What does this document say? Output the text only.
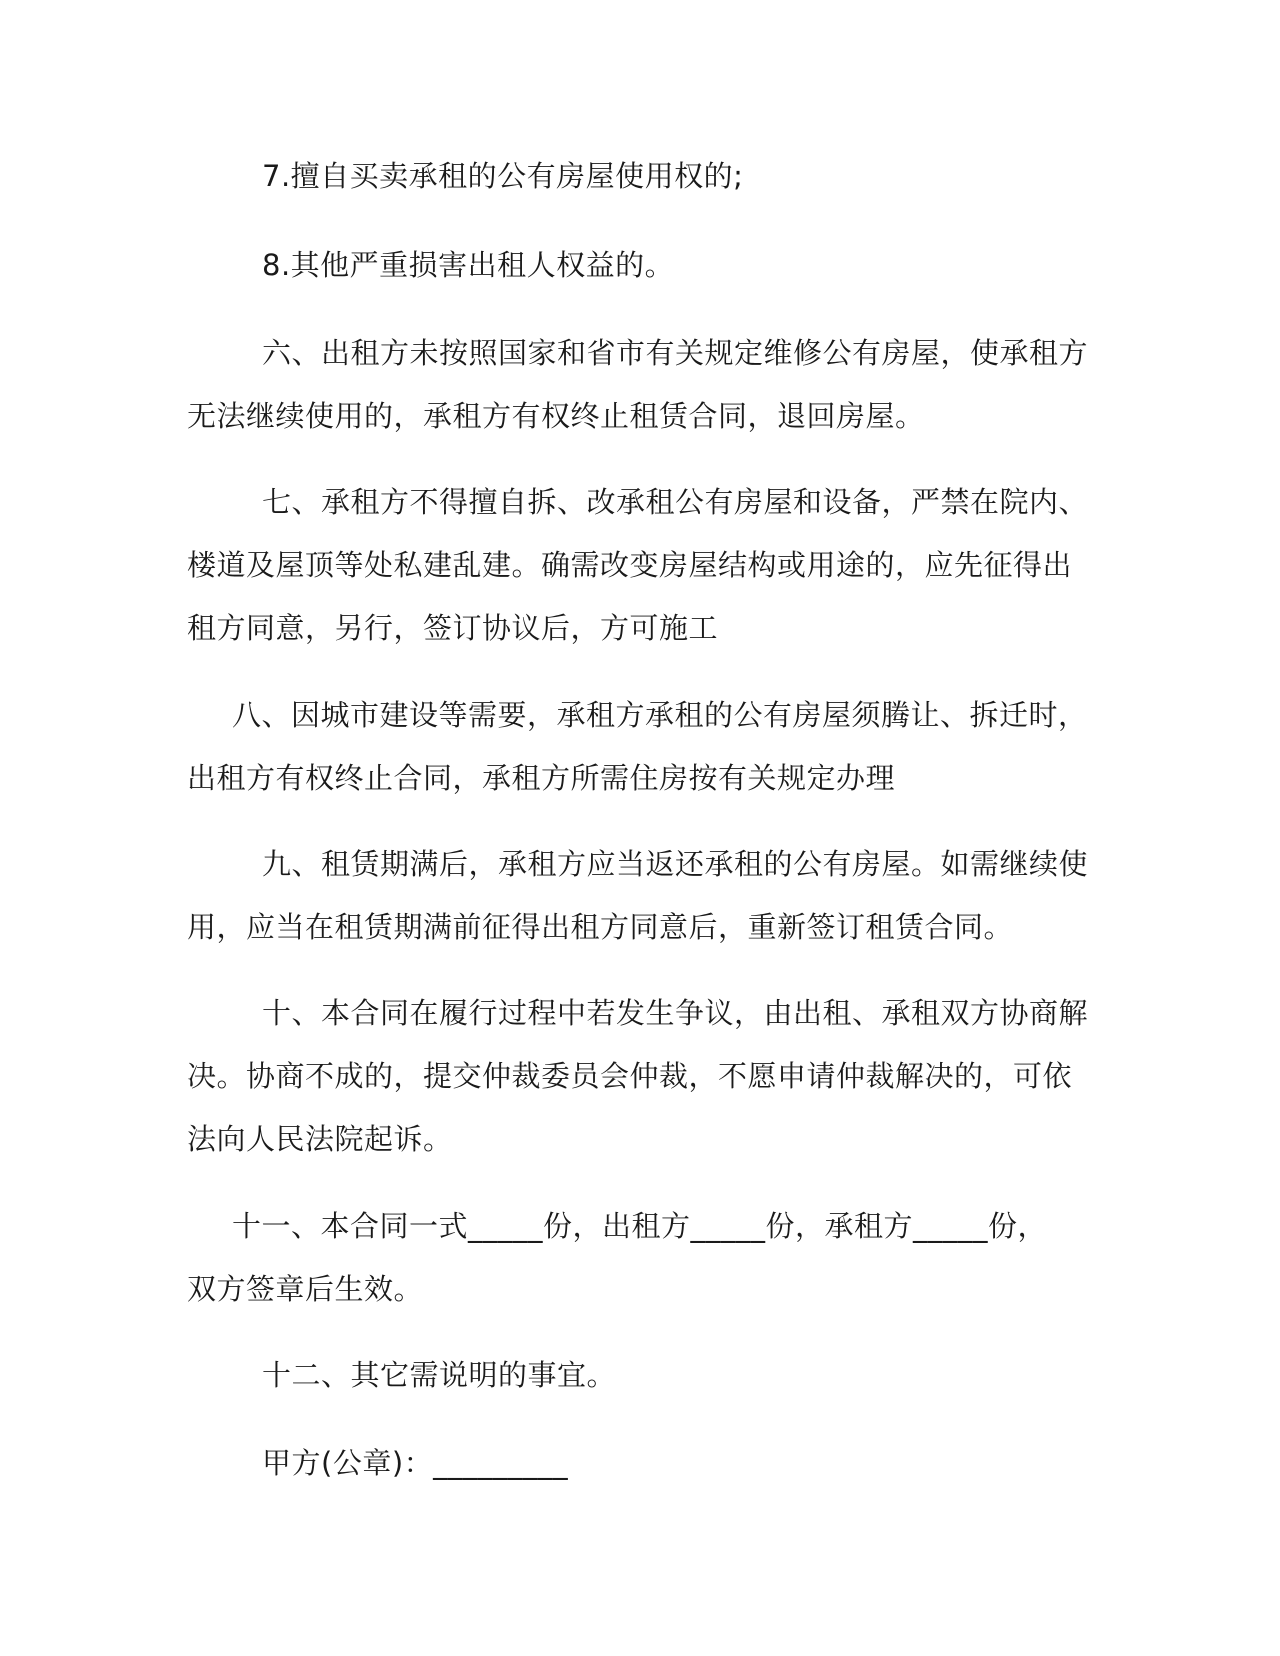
7.擅自买卖承租的公有房屋使用权的;
8.其他严重损害出租人权益的。
六、出租方未按照国家和省市有关规定维修公有房屋，使承租方
无法继续使用的，承租方有权终止租赁合同，退回房屋。
七、承租方不得擅自拆、改承租公有房屋和设备，严禁在院内、
楼道及屋顶等处私建乱建。确需改变房屋结构或用途的，应先征得出
租方同意，另行，签订协议后，方可施工
八、因城市建设等需要，承租方承租的公有房屋须腾让、拆迁时，
出租方有权终止合同，承租方所需住房按有关规定办理
九、租赁期满后，承租方应当返还承租的公有房屋。如需继续使
用，应当在租赁期满前征得出租方同意后，重新签订租赁合同。
十、本合同在履行过程中若发生争议，由出租、承租双方协商解
决。协商不成的，提交仲裁委员会仲裁，不愿申请仲裁解决的，可依
法向人民法院起诉。
十一、本合同一式_____份，出租方_____份，承租方_____份，
双方签章后生效。
十二、其它需说明的事宜。
甲方(公章)：_________
